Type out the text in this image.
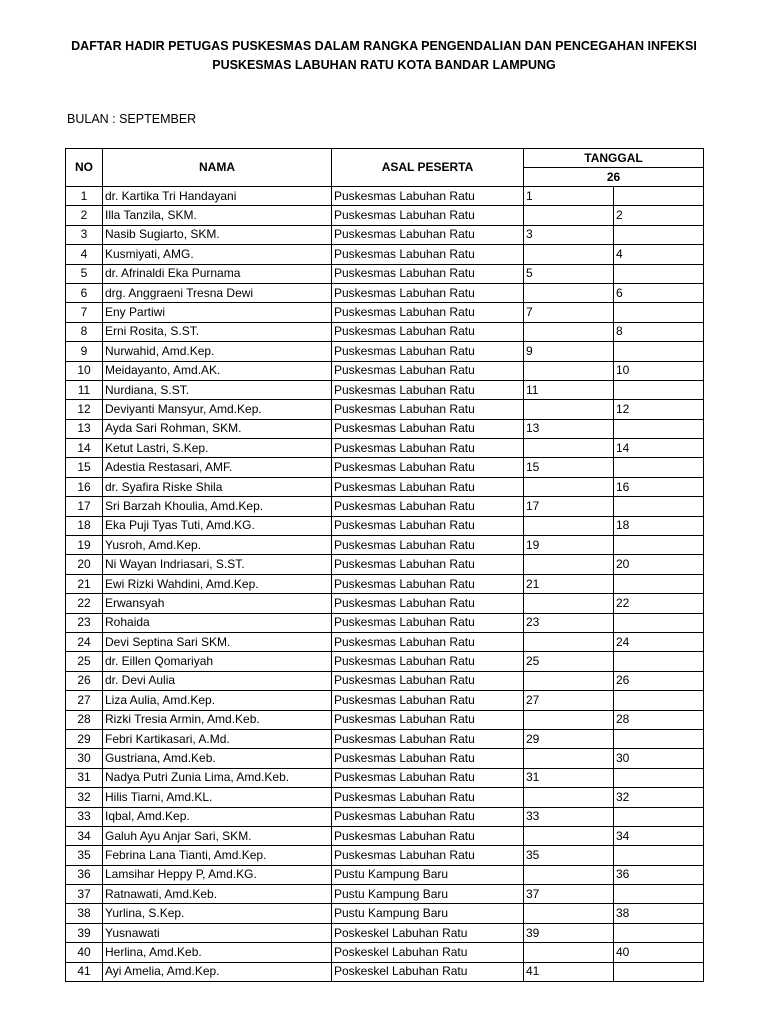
DAFTAR HADIR PETUGAS PUSKESMAS DALAM RANGKA PENGENDALIAN DAN PENCEGAHAN INFEKSI
PUSKESMAS LABUHAN RATU KOTA BANDAR LAMPUNG
BULAN : SEPTEMBER
NO	NAMA	ASAL PESERTA	TANGGAL	
			26	
1	dr. Kartika Tri Handayani	Puskesmas Labuhan Ratu	1	
2	Illa Tanzila, SKM.	Puskesmas Labuhan Ratu		2
3	Nasib Sugiarto, SKM.	Puskesmas Labuhan Ratu	3	
4	Kusmiyati, AMG.	Puskesmas Labuhan Ratu		4
5	dr. Afrinaldi Eka Purnama	Puskesmas Labuhan Ratu	5	
6	drg. Anggraeni Tresna Dewi	Puskesmas Labuhan Ratu		6
7	Eny Partiwi	Puskesmas Labuhan Ratu	7	
8	Erni Rosita, S.ST.	Puskesmas Labuhan Ratu		8
9	Nurwahid, Amd.Kep.	Puskesmas Labuhan Ratu	9	
10	Meidayanto, Amd.AK.	Puskesmas Labuhan Ratu		10
11	Nurdiana, S.ST.	Puskesmas Labuhan Ratu	11	
12	Deviyanti Mansyur, Amd.Kep.	Puskesmas Labuhan Ratu		12
13	Ayda Sari Rohman, SKM.	Puskesmas Labuhan Ratu	13	
14	Ketut Lastri, S.Kep.	Puskesmas Labuhan Ratu		14
15	Adestia Restasari, AMF.	Puskesmas Labuhan Ratu	15	
16	dr. Syafira Riske Shila	Puskesmas Labuhan Ratu		16
17	Sri Barzah Khoulia, Amd.Kep.	Puskesmas Labuhan Ratu	17	
18	Eka Puji Tyas Tuti, Amd.KG.	Puskesmas Labuhan Ratu		18
19	Yusroh, Amd.Kep.	Puskesmas Labuhan Ratu	19	
20	Ni Wayan Indriasari, S.ST.	Puskesmas Labuhan Ratu		20
21	Ewi Rizki Wahdini, Amd.Kep.	Puskesmas Labuhan Ratu	21	
22	Erwansyah	Puskesmas Labuhan Ratu		22
23	Rohaida	Puskesmas Labuhan Ratu	23	
24	Devi Septina Sari SKM.	Puskesmas Labuhan Ratu		24
25	dr. Eillen Qomariyah	Puskesmas Labuhan Ratu	25	
26	dr. Devi Aulia	Puskesmas Labuhan Ratu		26
27	Liza Aulia, Amd.Kep.	Puskesmas Labuhan Ratu	27	
28	Rizki Tresia Armin, Amd.Keb.	Puskesmas Labuhan Ratu		28
29	Febri Kartikasari, A.Md.	Puskesmas Labuhan Ratu	29	
30	Gustriana, Amd.Keb.	Puskesmas Labuhan Ratu		30
31	Nadya Putri Zunia Lima, Amd.Keb.	Puskesmas Labuhan Ratu	31	
32	Hilis Tiarni, Amd.KL.	Puskesmas Labuhan Ratu		32
33	Iqbal, Amd.Kep.	Puskesmas Labuhan Ratu	33	
34	Galuh Ayu Anjar Sari, SKM.	Puskesmas Labuhan Ratu		34
35	Febrina Lana Tianti, Amd.Kep.	Puskesmas Labuhan Ratu	35	
36	Lamsihar Heppy P, Amd.KG.	Pustu Kampung Baru		36
37	Ratnawati, Amd.Keb.	Pustu Kampung Baru	37	
38	Yurlina, S.Kep.	Pustu Kampung Baru		38
39	Yusnawati	Poskeskel Labuhan Ratu	39	
40	Herlina, Amd.Keb.	Poskeskel Labuhan Ratu		40
41	Ayi Amelia, Amd.Kep.	Poskeskel Labuhan Ratu	41	
